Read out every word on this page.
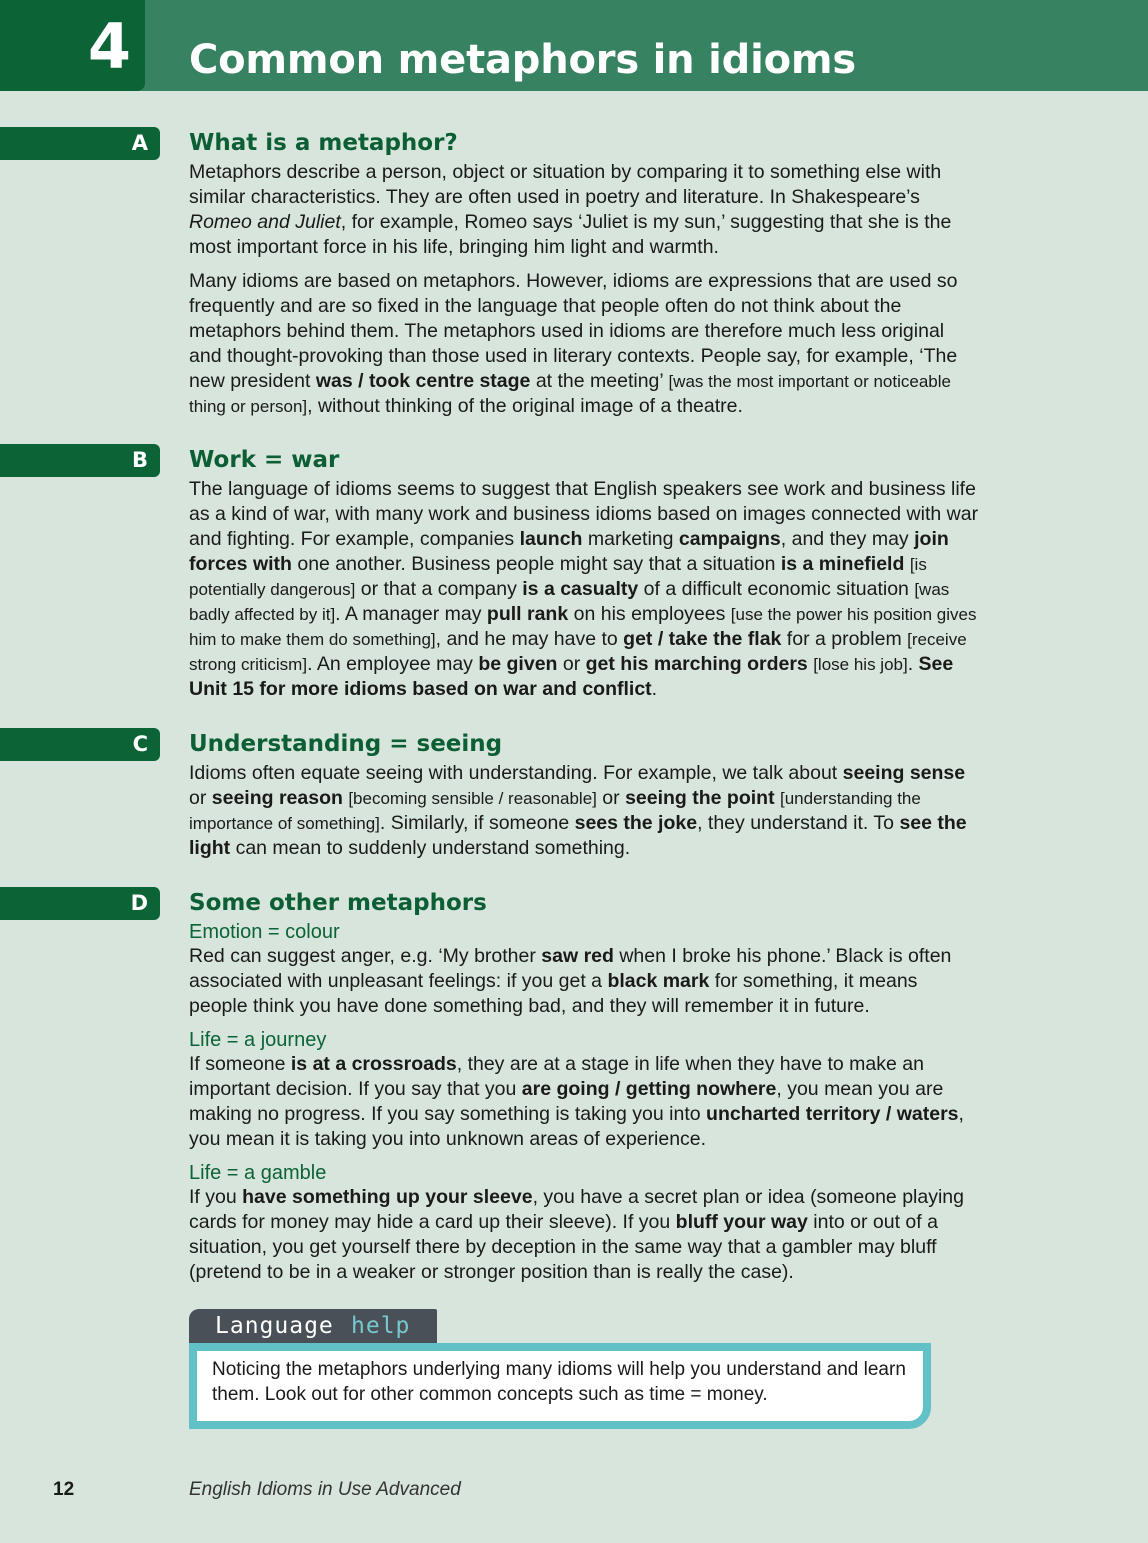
4 Common metaphors in idioms
A What is a metaphor?

Metaphors describe a person, object or situation by comparing it to something else with similar characteristics. They are often used in poetry and literature. In Shakespeare’s Romeo and Juliet, for example, Romeo says ‘Juliet is my sun,’ suggesting that she is the most important force in his life, bringing him light and warmth.

Many idioms are based on metaphors. However, idioms are expressions that are used so frequently and are so fixed in the language that people often do not think about the metaphors behind them. The metaphors used in idioms are therefore much less original and thought-provoking than those used in literary contexts. People say, for example, ‘The new president was / took centre stage at the meeting’ [was the most important or noticeable thing or person], without thinking of the original image of a theatre.

B Work = war

The language of idioms seems to suggest that English speakers see work and business life as a kind of war, with many work and business idioms based on images connected with war and fighting. For example, companies launch marketing campaigns, and they may join forces with one another. Business people might say that a situation is a minefield [is potentially dangerous] or that a company is a casualty of a difficult economic situation [was badly affected by it]. A manager may pull rank on his employees [use the power his position gives him to make them do something], and he may have to get / take the flak for a problem [receive strong criticism]. An employee may be given or get his marching orders [lose his job]. See Unit 15 for more idioms based on war and conflict.

C Understanding = seeing

Idioms often equate seeing with understanding. For example, we talk about seeing sense or seeing reason [becoming sensible / reasonable] or seeing the point [understanding the importance of something]. Similarly, if someone sees the joke, they understand it. To see the light can mean to suddenly understand something.

D Some other metaphors
Emotion = colour

Red can suggest anger, e.g. ‘My brother saw red when I broke his phone.’ Black is often associated with unpleasant feelings: if you get a black mark for something, it means people think you have done something bad, and they will remember it in future.

Life = a journey

If someone is at a crossroads, they are at a stage in life when they have to make an important decision. If you say that you are going / getting nowhere, you mean you are making no progress. If you say something is taking you into uncharted territory / waters, you mean it is taking you into unknown areas of experience.

Life = a gamble

If you have something up your sleeve, you have a secret plan or idea (someone playing cards for money may hide a card up their sleeve). If you bluff your way into or out of a situation, you get yourself there by deception in the same way that a gambler may bluff (pretend to be in a weaker or stronger position than is really the case).

Language help

Noticing the metaphors underlying many idioms will help you understand and learn them. Look out for other common concepts such as time = money.

12	English Idioms in Use Advanced
